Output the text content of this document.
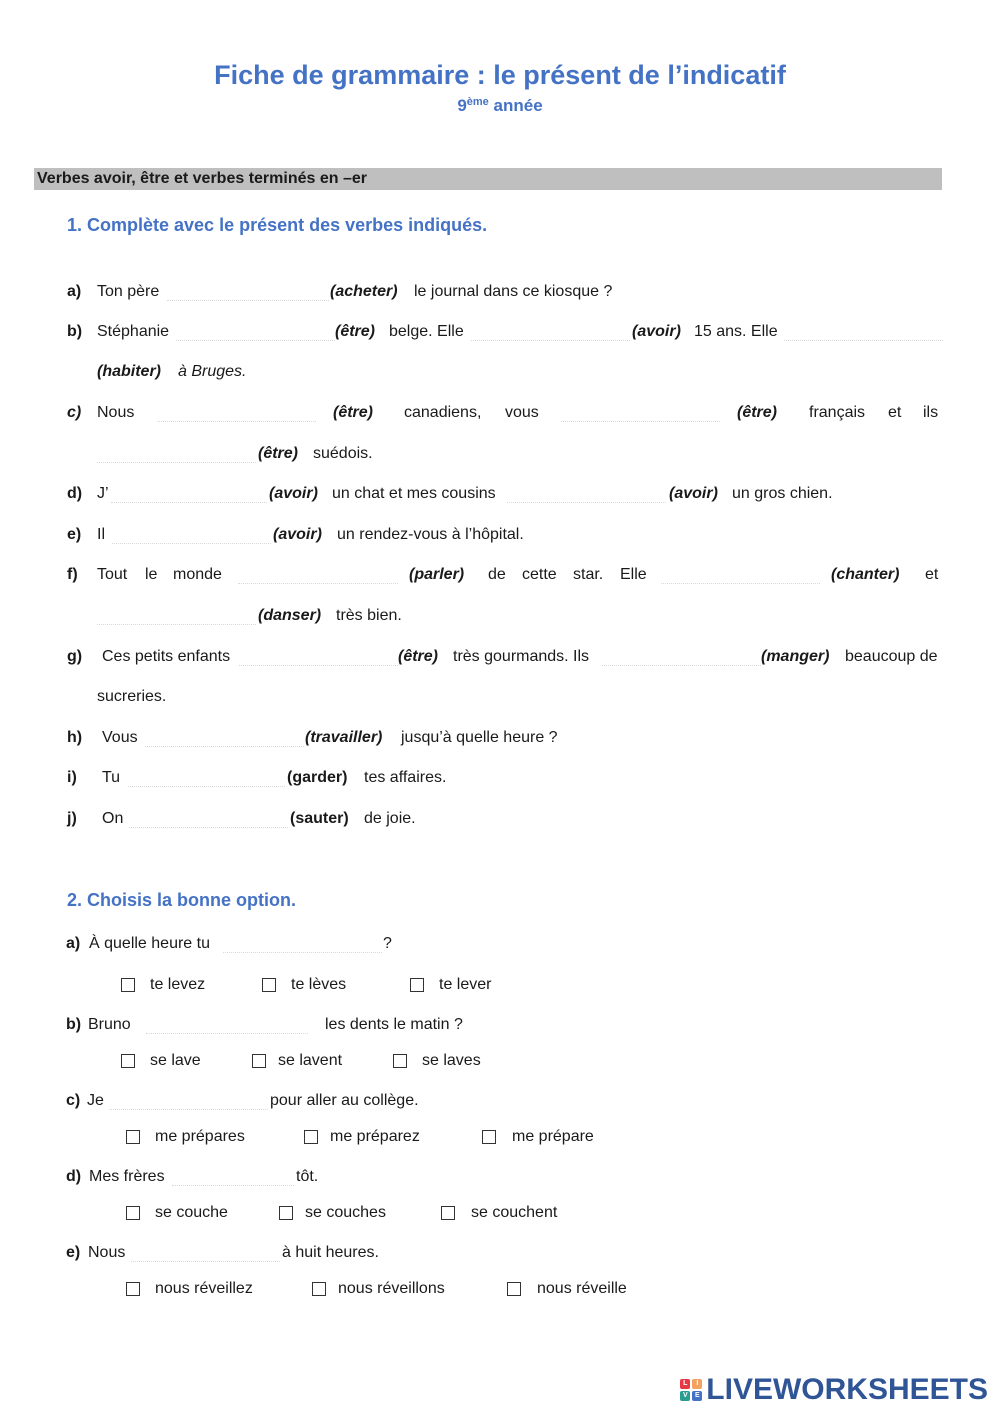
Fiche de grammaire : le présent de l’indicatif
9ème année
Verbes avoir, être et verbes terminés en –er
1. Complète avec le présent des verbes indiqués.
a) Ton père	(acheter) le journal dans ce kiosque ?
b) Stéphanie	(être) belge. Elle	(avoir) 15 ans. Elle
(habiter) à Bruges.
c) Nous	(être) canadiens, vous	(être) français et ils
(être) suédois.
d) J’	(avoir) un chat et mes cousins	(avoir) un gros chien.
e) Il	(avoir) un rendez-vous à l’hôpital.
f) Tout le monde	(parler) de cette star. Elle	(chanter) et
(danser) très bien.
g) Ces petits enfants	(être) très gourmands. Ils	(manger) beaucoup de
sucreries.
h) Vous	(travailler) jusqu’à quelle heure ?
i) Tu	(garder) tes affaires.
j) On	(sauter) de joie.
2. Choisis la bonne option.
a) À quelle heure tu	?
te levez	te lèves	te lever
b) Bruno	les dents le matin ?
se lave	se lavent	se laves
c) Je	pour aller au collège.
me prépares	me préparez	me prépare
d) Mes frères	tôt.
se couche	se couches	se couchent
e) Nous	à huit heures.
nous réveillez	nous réveillons	nous réveille
L	I
V	E LIVEWORKSHEETS
